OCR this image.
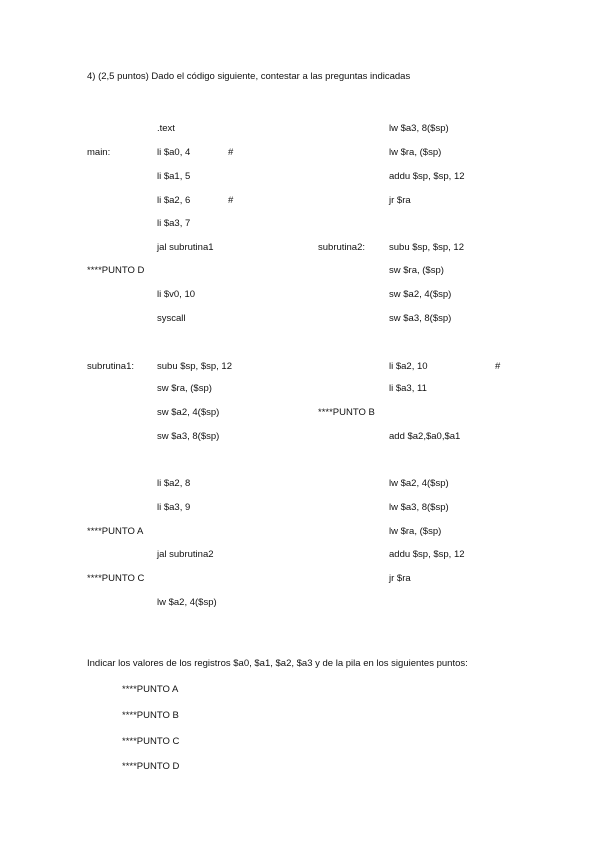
4) (2,5 puntos) Dado el código siguiente, contestar a las preguntas indicadas
.text
main:	li $a0, 4	#
li $a1, 5
li $a2, 6	#
li $a3, 7
jal subrutina1
****PUNTO D
li $v0, 10
syscall
subrutina1: subu $sp, $sp, 12
sw $ra, ($sp)
sw $a2, 4($sp)
sw $a3, 8($sp)
li $a2, 8
li $a3, 9
****PUNTO A
jal subrutina2
****PUNTO C
lw $a2, 4($sp)
lw $a3, 8($sp)
lw $ra, ($sp)
addu $sp, $sp, 12
jr $ra
subrutina2:	subu $sp, $sp, 12
sw $ra, ($sp)
sw $a2, 4($sp)
sw $a3, 8($sp)
li $a2, 10	#
li $a3, 11
****PUNTO B
add $a2,$a0,$a1
lw $a2, 4($sp)
lw $a3, 8($sp)
lw $ra, ($sp)
addu $sp, $sp, 12
jr $ra
Indicar los valores de los registros $a0, $a1, $a2, $a3 y de la pila en los siguientes puntos:
****PUNTO A
****PUNTO B
****PUNTO C
****PUNTO D
